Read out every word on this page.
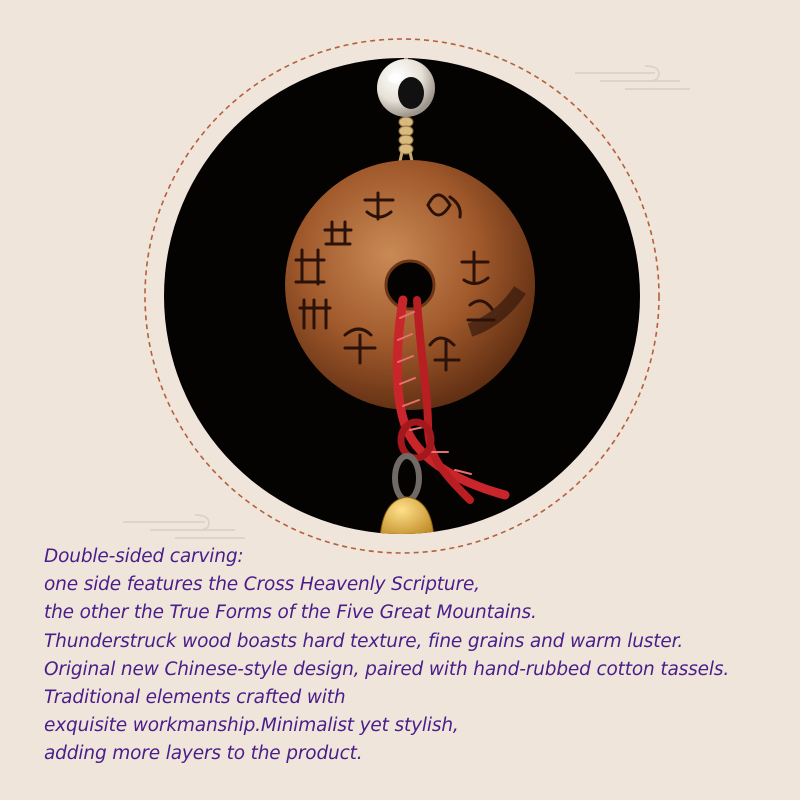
Double-sided carving:
one side features the Cross Heavenly Scripture,
the other the True Forms of the Five Great Mountains.
Thunderstruck wood boasts hard texture, fine grains and warm luster.
Original new Chinese-style design, paired with hand-rubbed cotton tassels.
Traditional elements crafted with
exquisite workmanship.Minimalist yet stylish,
adding more layers to the product.
